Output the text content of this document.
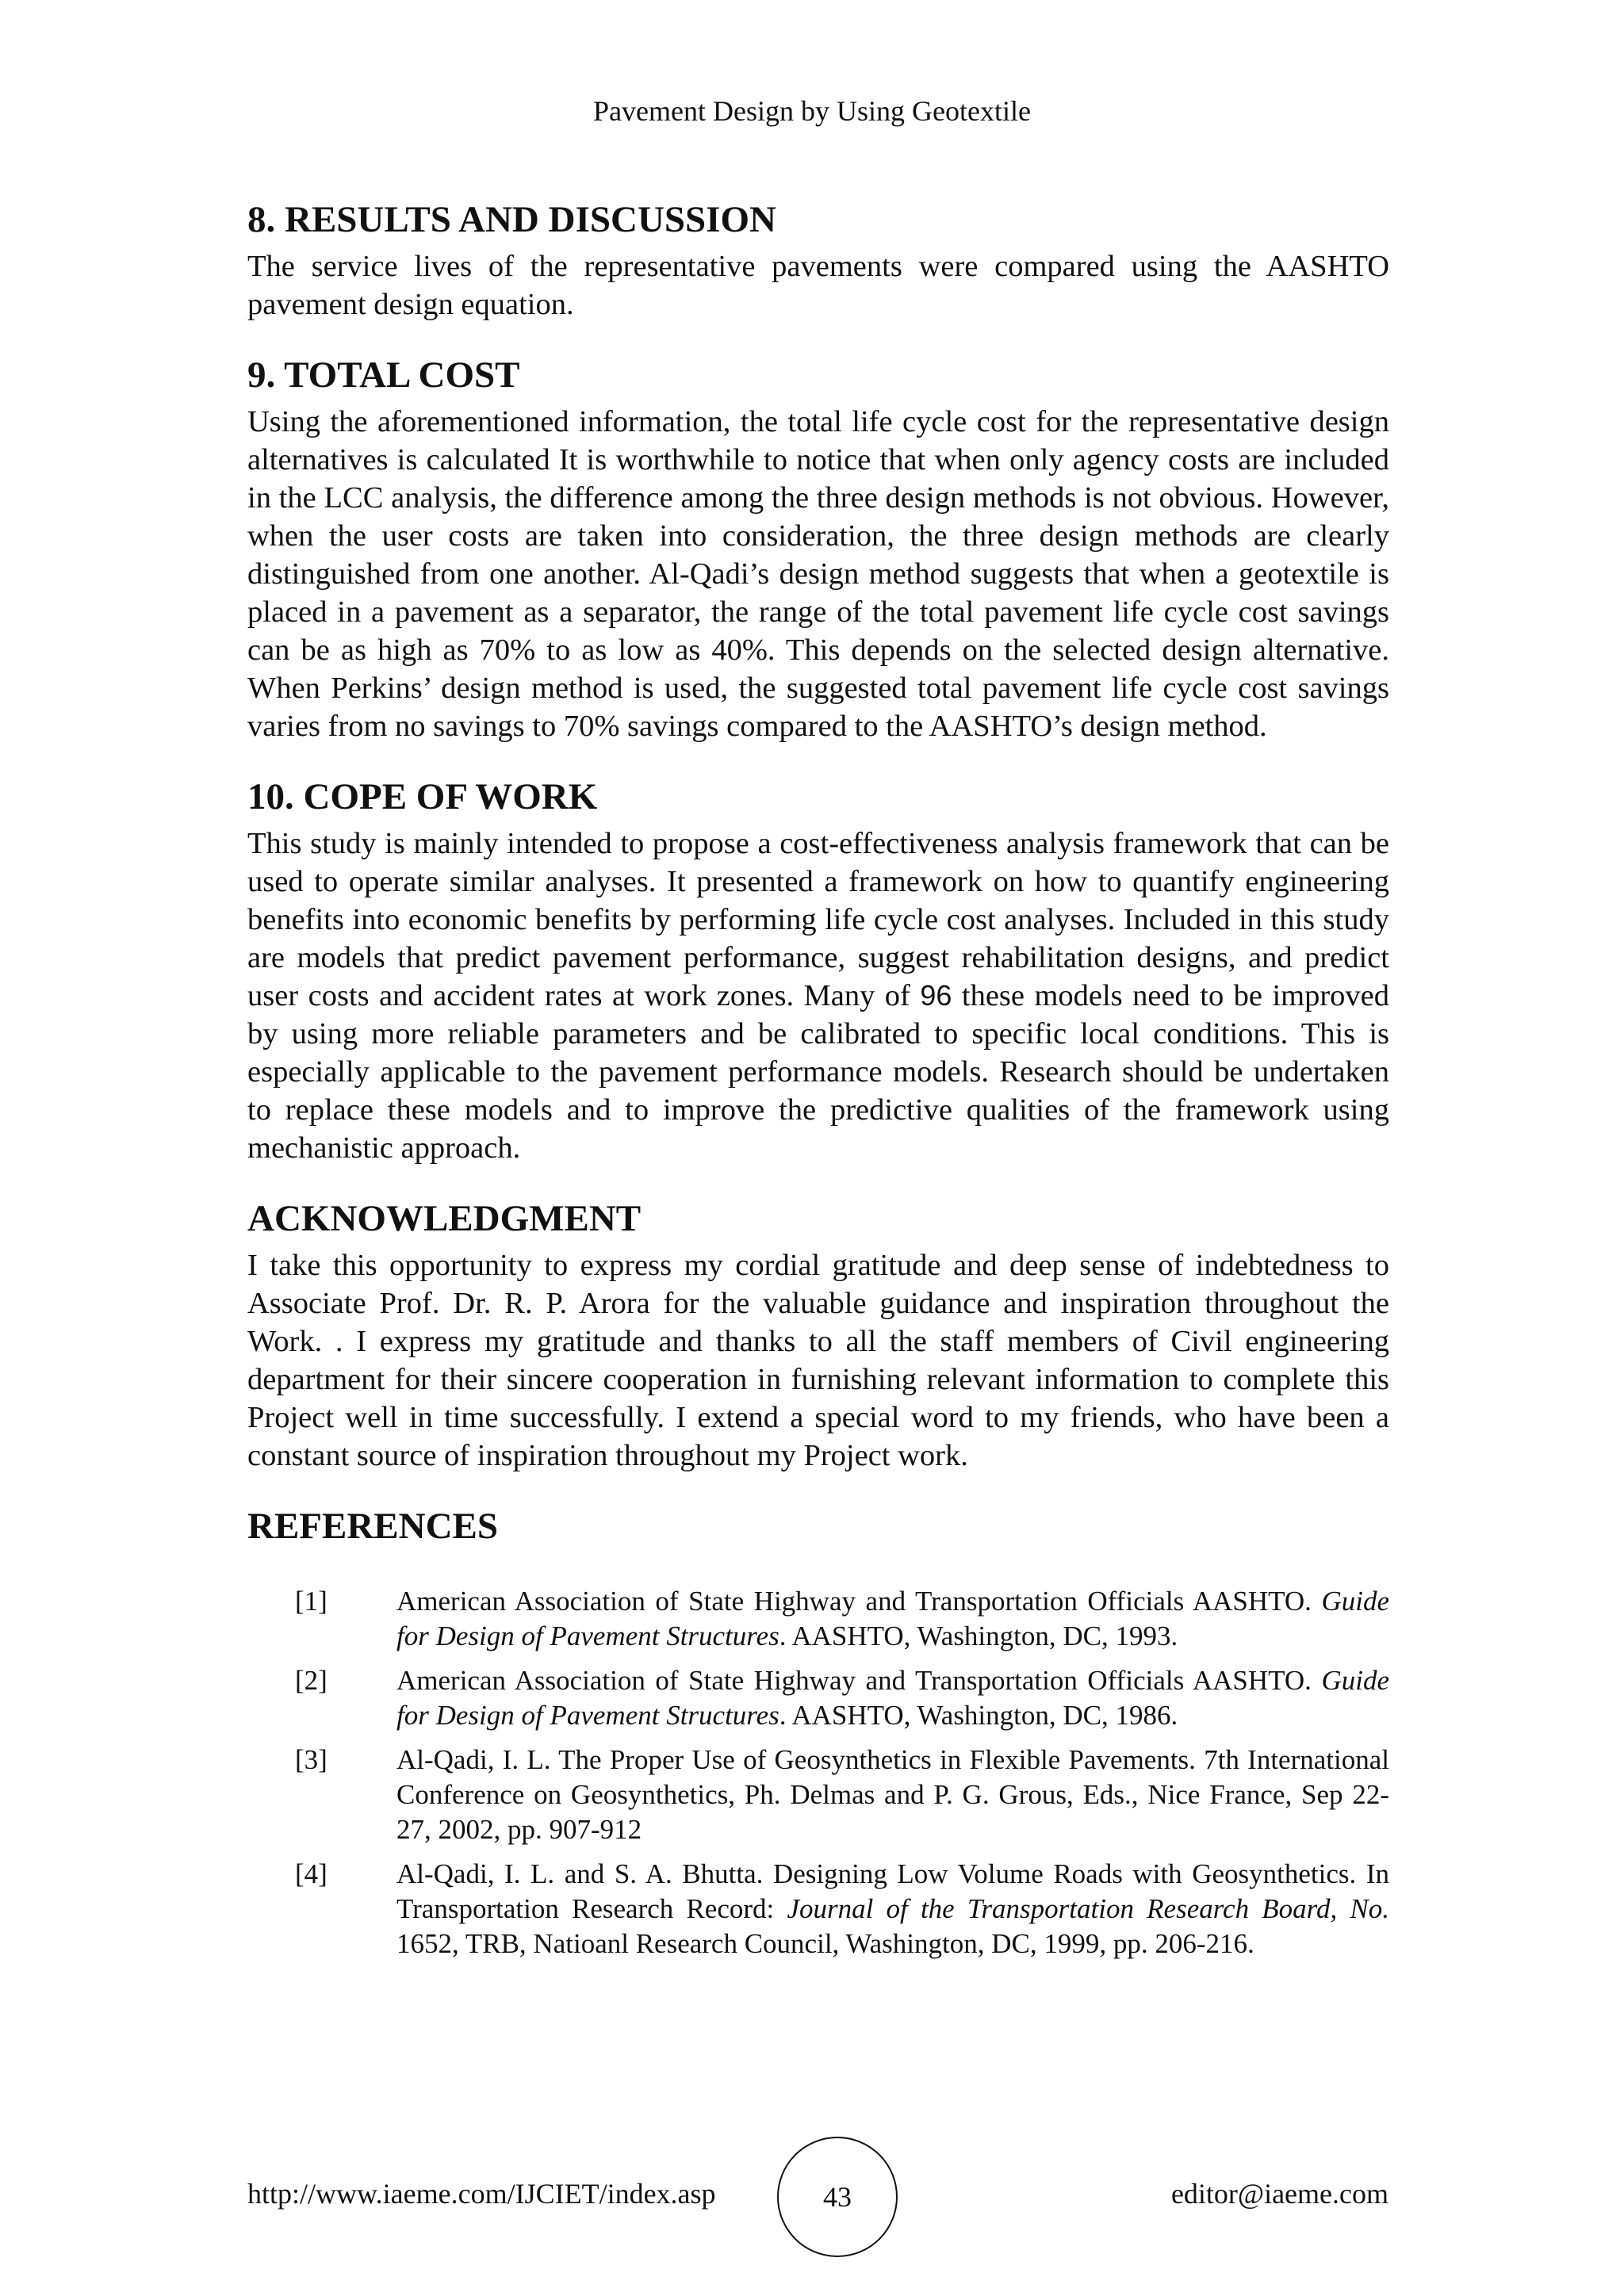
Pavement Design by Using Geotextile
8. RESULTS AND DISCUSSION

The service lives of the representative pavements were compared using the AASHTO pavement design equation.

9. TOTAL COST

Using the aforementioned information, the total life cycle cost for the representative design alternatives is calculated It is worthwhile to notice that when only agency costs are included in the LCC analysis, the difference among the three design methods is not obvious. However, when the user costs are taken into consideration, the three design methods are clearly distinguished from one another. Al-Qadi’s design method suggests that when a geotextile is placed in a pavement as a separator, the range of the total pavement life cycle cost savings can be as high as 70% to as low as 40%. This depends on the selected design alternative. When Perkins’ design method is used, the suggested total pavement life cycle cost savings varies from no savings to 70% savings compared to the AASHTO’s design method.

10. COPE OF WORK

This study is mainly intended to propose a cost-effectiveness analysis framework that can be used to operate similar analyses. It presented a framework on how to quantify engineering benefits into economic benefits by performing life cycle cost analyses. Included in this study are models that predict pavement performance, suggest rehabilitation designs, and predict user costs and accident rates at work zones. Many of 96 these models need to be improved by using more reliable parameters and be calibrated to specific local conditions. This is especially applicable to the pavement performance models. Research should be undertaken to replace these models and to improve the predictive qualities of the framework using mechanistic approach.

ACKNOWLEDGMENT

I take this opportunity to express my cordial gratitude and deep sense of indebtedness to Associate Prof. Dr. R. P. Arora for the valuable guidance and inspiration throughout the Work. . I express my gratitude and thanks to all the staff members of Civil engineering department for their sincere cooperation in furnishing relevant information to complete this Project well in time successfully. I extend a special word to my friends, who have been a constant source of inspiration throughout my Project work.

REFERENCES
[1] American Association of State Highway and Transportation Officials AASHTO. Guide for Design of Pavement Structures. AASHTO, Washington, DC, 1993.
[2] American Association of State Highway and Transportation Officials AASHTO. Guide for Design of Pavement Structures. AASHTO, Washington, DC, 1986.
[3] Al-Qadi, I. L. The Proper Use of Geosynthetics in Flexible Pavements. 7th International Conference on Geosynthetics, Ph. Delmas and P. G. Grous, Eds., Nice France, Sep 22- 27, 2002, pp. 907-912
[4] Al-Qadi, I. L. and S. A. Bhutta. Designing Low Volume Roads with Geosynthetics. In Transportation Research Record: Journal of the Transportation Research Board, No. 1652, TRB, Natioanl Research Council, Washington, DC, 1999, pp. 206-216.
http://www.iaeme.com/IJCIET/index.asp	43	editor@iaeme.com
